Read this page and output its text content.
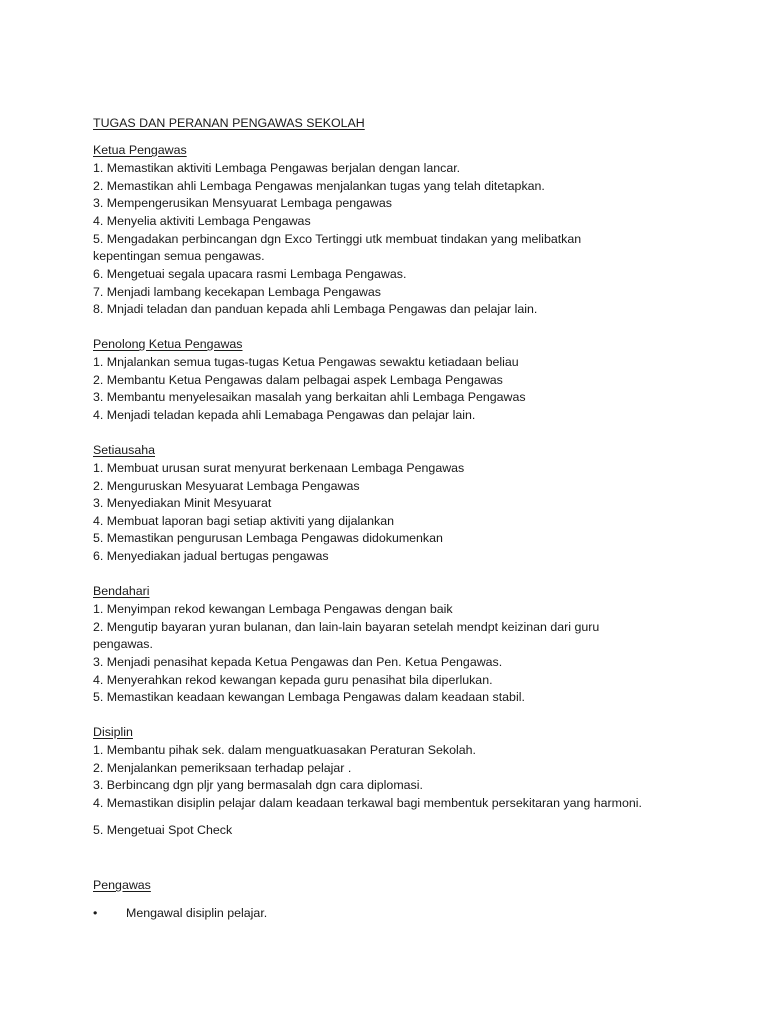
TUGAS DAN PERANAN PENGAWAS SEKOLAH
Ketua Pengawas
1. Memastikan aktiviti Lembaga Pengawas berjalan dengan lancar.
2. Memastikan ahli Lembaga Pengawas menjalankan tugas yang telah ditetapkan.
3. Mempengerusikan Mensyuarat Lembaga pengawas
4. Menyelia aktiviti Lembaga Pengawas
5. Mengadakan perbincangan dgn Exco Tertinggi utk membuat tindakan yang melibatkan
kepentingan semua pengawas.
6. Mengetuai segala upacara rasmi Lembaga Pengawas.
7. Menjadi lambang kecekapan Lembaga Pengawas
8. Mnjadi teladan dan panduan kepada ahli Lembaga Pengawas dan pelajar lain.
Penolong Ketua Pengawas
1. Mnjalankan semua tugas-tugas Ketua Pengawas sewaktu ketiadaan beliau
2. Membantu Ketua Pengawas dalam pelbagai aspek Lembaga Pengawas
3. Membantu menyelesaikan masalah yang berkaitan ahli Lembaga Pengawas
4. Menjadi teladan kepada ahli Lemabaga Pengawas dan pelajar lain.
Setiausaha
1. Membuat urusan surat menyurat berkenaan Lembaga Pengawas
2. Menguruskan Mesyuarat Lembaga Pengawas
3. Menyediakan Minit Mesyuarat
4. Membuat laporan bagi setiap aktiviti yang dijalankan
5. Memastikan pengurusan Lembaga Pengawas didokumenkan
6. Menyediakan jadual bertugas pengawas
Bendahari
1. Menyimpan rekod kewangan Lembaga Pengawas dengan baik
2. Mengutip bayaran yuran bulanan, dan lain-lain bayaran setelah mendpt keizinan dari guru
pengawas.
3. Menjadi penasihat kepada Ketua Pengawas dan Pen. Ketua Pengawas.
4. Menyerahkan rekod kewangan kepada guru penasihat bila diperlukan.
5. Memastikan keadaan kewangan Lembaga Pengawas dalam keadaan stabil.
Disiplin
1. Membantu pihak sek. dalam menguatkuasakan Peraturan Sekolah.
2. Menjalankan pemeriksaan terhadap pelajar .
3. Berbincang dgn pljr yang bermasalah dgn cara diplomasi.
4. Memastikan disiplin pelajar dalam keadaan terkawal bagi membentuk persekitaran yang harmoni.
5. Mengetuai Spot Check
Pengawas
• Mengawal disiplin pelajar.
